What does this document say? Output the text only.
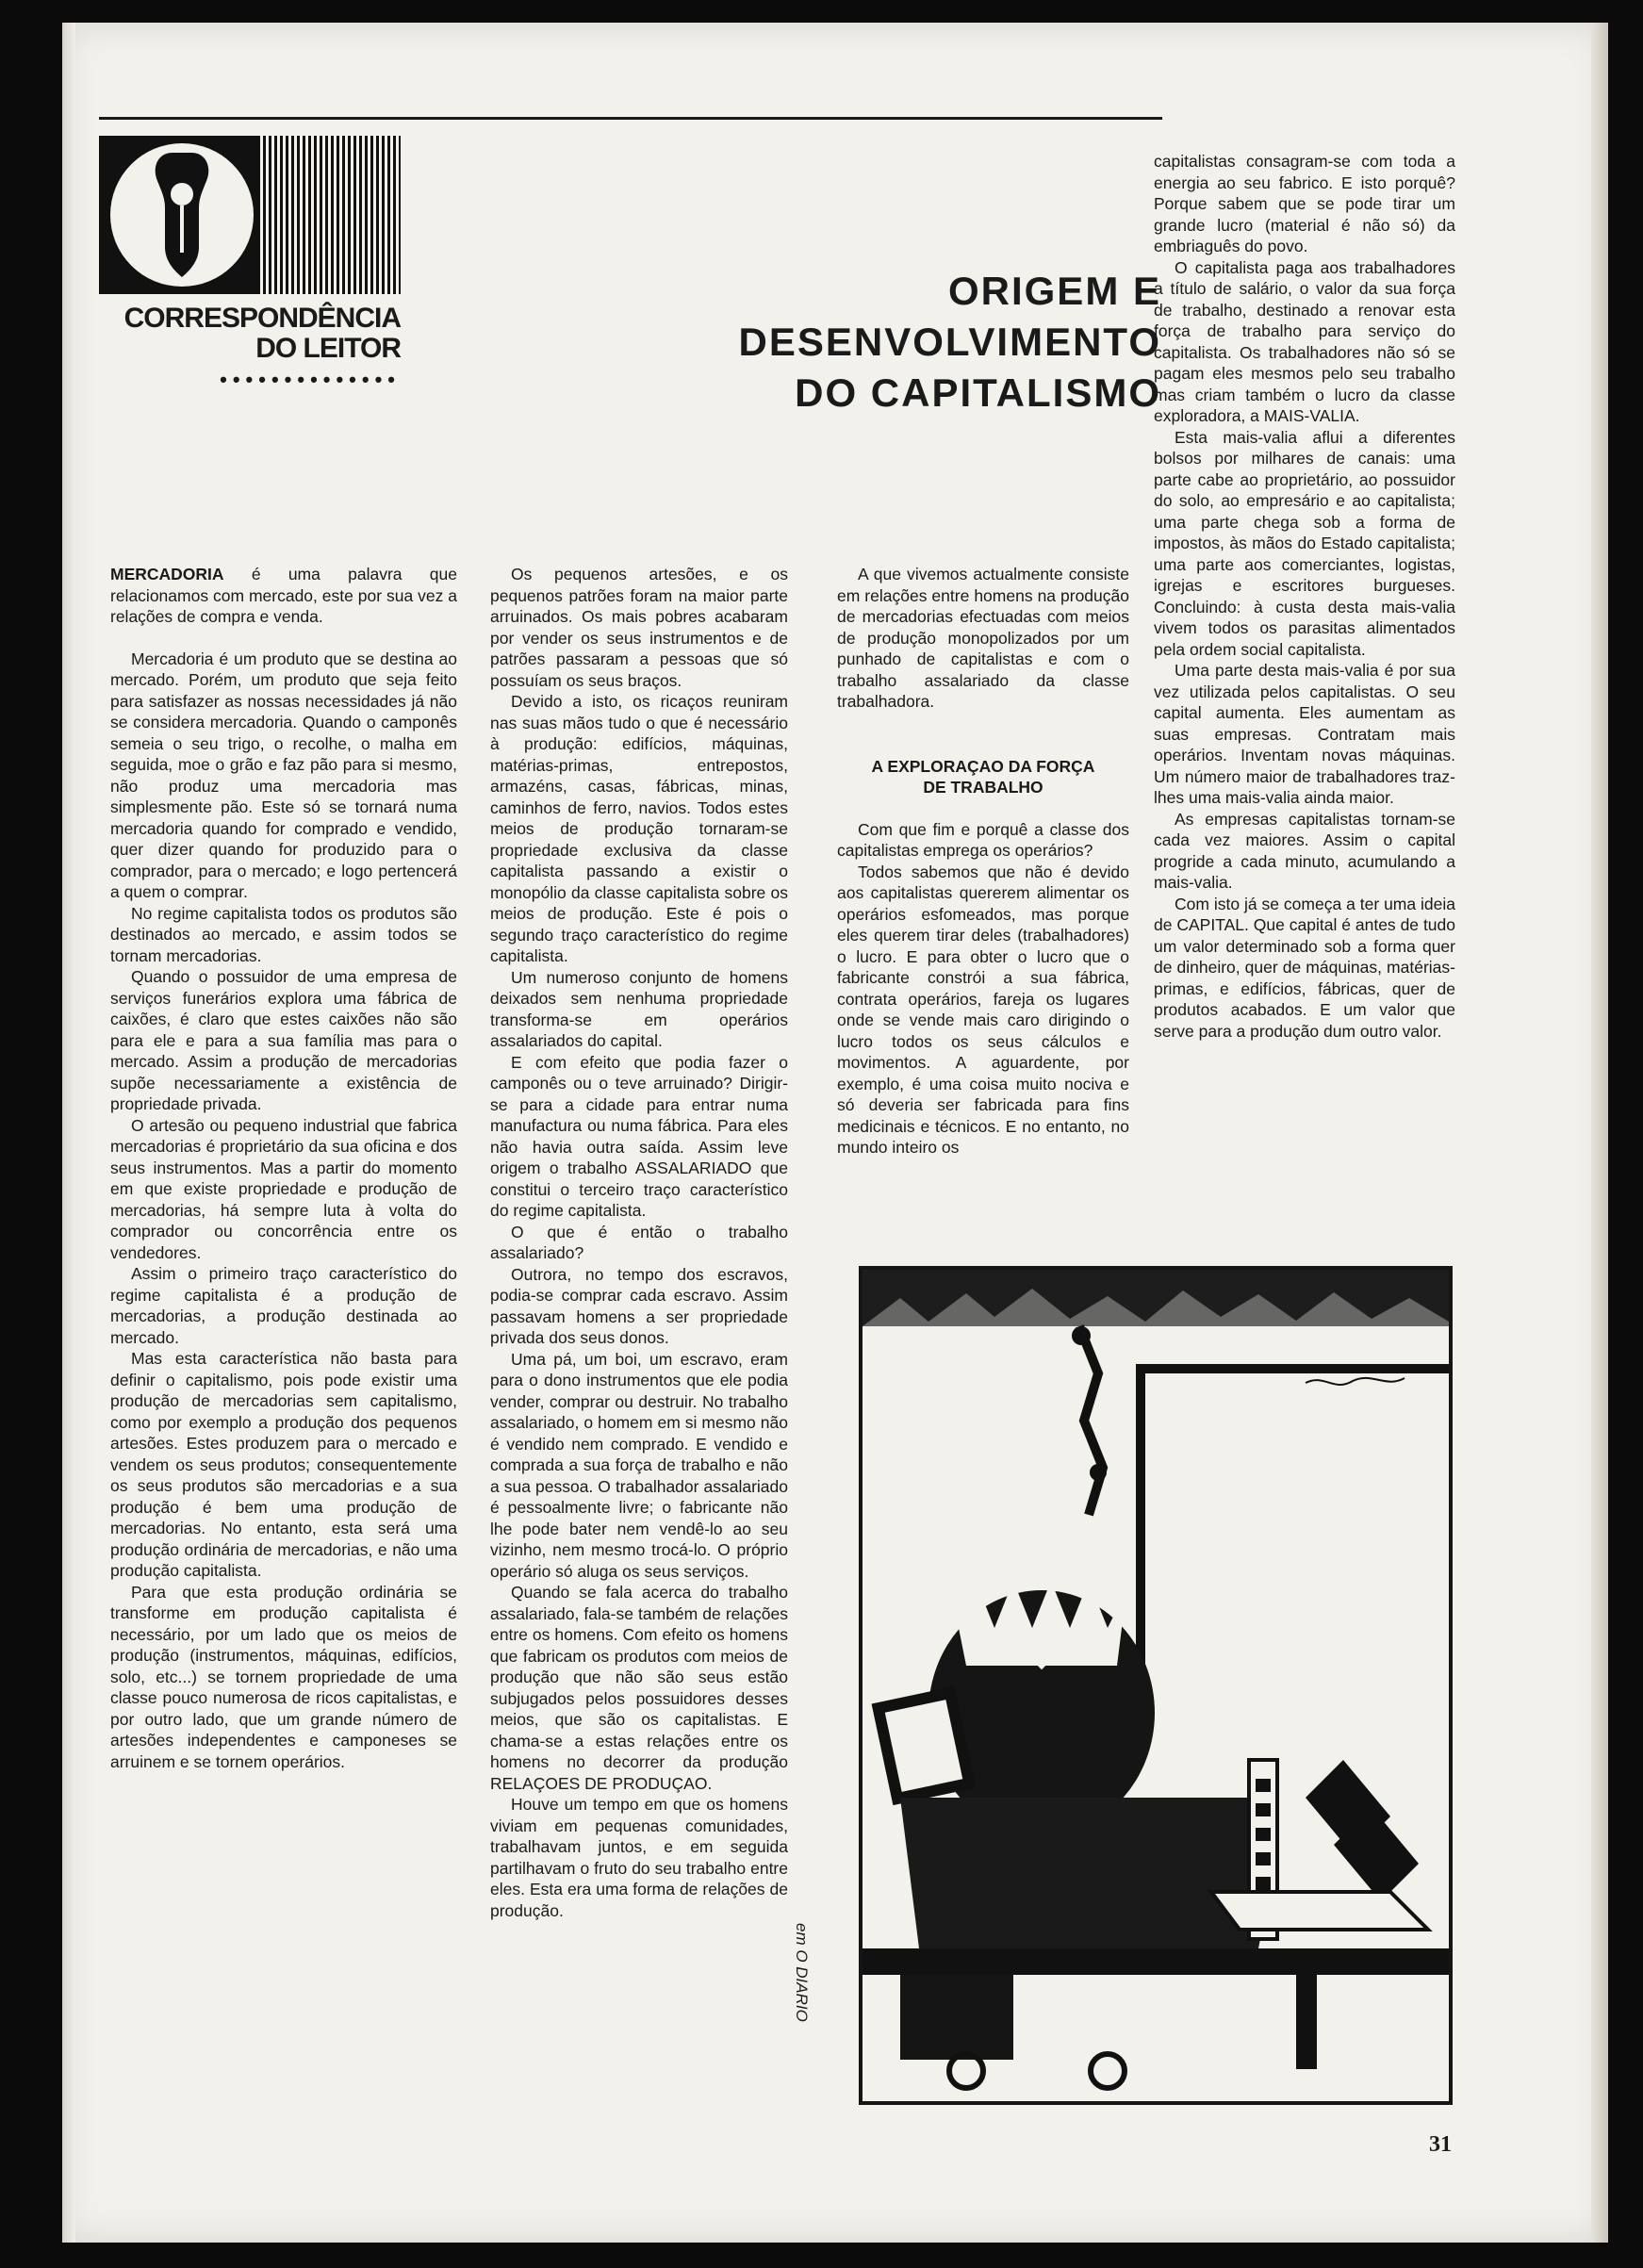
CORRESPONDÊNCIA
DO LEITOR
••••••••••••••
ORIGEM E
DESENVOLVIMENTO
DO CAPITALISMO

MERCADORIA é uma palavra que relacionamos com mercado, este por sua vez a relações de compra e venda.

Mercadoria é um produto que se destina ao mercado. Porém, um produto que seja feito para satisfazer as nossas necessidades já não se considera mercadoria. Quando o camponês semeia o seu trigo, o recolhe, o malha em seguida, moe o grão e faz pão para si mesmo, não produz uma mercadoria mas simplesmente pão. Este só se tornará numa mercadoria quando for comprado e vendido, quer dizer quando for produzido para o comprador, para o mercado; e logo pertencerá a quem o comprar.

No regime capitalista todos os produtos são destinados ao mercado, e assim todos se tornam mercadorias.

Quando o possuidor de uma empresa de serviços funerários explora uma fábrica de caixões, é claro que estes caixões não são para ele e para a sua família mas para o mercado. Assim a produção de mercadorias supõe necessariamente a existência de propriedade privada.

O artesão ou pequeno industrial que fabrica mercadorias é proprietário da sua oficina e dos seus instrumentos. Mas a partir do momento em que existe propriedade e produção de mercadorias, há sempre luta à volta do comprador ou concorrência entre os vendedores.

Assim o primeiro traço característico do regime capitalista é a produção de mercadorias, a produção destinada ao mercado.

Mas esta característica não basta para definir o capitalismo, pois pode existir uma produção de mercadorias sem capitalismo, como por exemplo a produção dos pequenos artesões. Estes produzem para o mercado e vendem os seus produtos; consequentemente os seus produtos são mercadorias e a sua produção é bem uma produção de mercadorias. No entanto, esta será uma produção ordinária de mercadorias, e não uma produção capitalista.

Para que esta produção ordinária se transforme em produção capitalista é necessário, por um lado que os meios de produção (instrumentos, máquinas, edifícios, solo, etc...) se tornem propriedade de uma classe pouco numerosa de ricos capitalistas, e por outro lado, que um grande número de artesões independentes e camponeses se arruinem e se tornem operários.

Os pequenos artesões, e os pequenos patrões foram na maior parte arruinados. Os mais pobres acabaram por vender os seus instrumentos e de patrões passaram a pessoas que só possuíam os seus braços.

Devido a isto, os ricaços reuniram nas suas mãos tudo o que é necessário à produção: edifícios, máquinas, matérias-primas, entrepostos, armazéns, casas, fábricas, minas, caminhos de ferro, navios. Todos estes meios de produção tornaram-se propriedade exclusiva da classe capitalista passando a existir o monopólio da classe capitalista sobre os meios de produção. Este é pois o segundo traço característico do regime capitalista.

Um numeroso conjunto de homens deixados sem nenhuma propriedade transforma-se em operários assalariados do capital.

E com efeito que podia fazer o camponês ou o teve arruinado? Dirigir-se para a cidade para entrar numa manufactura ou numa fábrica. Para eles não havia outra saída. Assim leve origem o trabalho ASSALARIADO que constitui o terceiro traço característico do regime capitalista.

O que é então o trabalho assalariado?

Outrora, no tempo dos escravos, podia-se comprar cada escravo. Assim passavam homens a ser propriedade privada dos seus donos.

Uma pá, um boi, um escravo, eram para o dono instrumentos que ele podia vender, comprar ou destruir. No trabalho assalariado, o homem em si mesmo não é vendido nem comprado. E vendido e comprada a sua força de trabalho e não a sua pessoa. O trabalhador assalariado é pessoalmente livre; o fabricante não lhe pode bater nem vendê-lo ao seu vizinho, nem mesmo trocá-lo. O próprio operário só aluga os seus serviços.

Quando se fala acerca do trabalho assalariado, fala-se também de relações entre os homens. Com efeito os homens que fabricam os produtos com meios de produção que não são seus estão subjugados pelos possuidores desses meios, que são os capitalistas. E chama-se a estas relações entre os homens no decorrer da produção RELAÇOES DE PRODUÇAO.

Houve um tempo em que os homens viviam em pequenas comunidades, trabalhavam juntos, e em seguida partilhavam o fruto do seu trabalho entre eles. Esta era uma forma de relações de produção.

A que vivemos actualmente consiste em relações entre homens na produção de mercadorias efectuadas com meios de produção monopolizados por um punhado de capitalistas e com o trabalho assalariado da classe trabalhadora.

A EXPLORAÇAO DA FORÇA
DE TRABALHO

Com que fim e porquê a classe dos capitalistas emprega os operários?

Todos sabemos que não é devido aos capitalistas quererem alimentar os operários esfomeados, mas porque eles querem tirar deles (trabalhadores) o lucro. E para obter o lucro que o fabricante constrói a sua fábrica, contrata operários, fareja os lugares onde se vende mais caro dirigindo o lucro todos os seus cálculos e movimentos. A aguardente, por exemplo, é uma coisa muito nociva e só deveria ser fabricada para fins medicinais e técnicos. E no entanto, no mundo inteiro os

capitalistas consagram-se com toda a energia ao seu fabrico. E isto porquê? Porque sabem que se pode tirar um grande lucro (material é não só) da embriaguês do povo.

O capitalista paga aos trabalhadores a título de salário, o valor da sua força de trabalho, destinado a renovar esta força de trabalho para serviço do capitalista. Os trabalhadores não só se pagam eles mesmos pelo seu trabalho mas criam também o lucro da classe exploradora, a MAIS-VALIA.

Esta mais-valia aflui a diferentes bolsos por milhares de canais: uma parte cabe ao proprietário, ao possuidor do solo, ao empresário e ao capitalista; uma parte chega sob a forma de impostos, às mãos do Estado capitalista; uma parte aos comerciantes, logistas, igrejas e escritores burgueses. Concluindo: à custa desta mais-valia vivem todos os parasitas alimentados pela ordem social capitalista.

Uma parte desta mais-valia é por sua vez utilizada pelos capitalistas. O seu capital aumenta. Eles aumentam as suas empresas. Contratam mais operários. Inventam novas máquinas. Um número maior de trabalhadores traz-lhes uma mais-valia ainda maior.

As empresas capitalistas tornam-se cada vez maiores. Assim o capital progride a cada minuto, acumulando a mais-valia.

Com isto já se começa a ter uma ideia de CAPITAL. Que capital é antes de tudo um valor determinado sob a forma quer de dinheiro, quer de máquinas, matérias-primas, e edifícios, fábricas, quer de produtos acabados. E um valor que serve para a produção dum outro valor.

em O DIARIO
31
